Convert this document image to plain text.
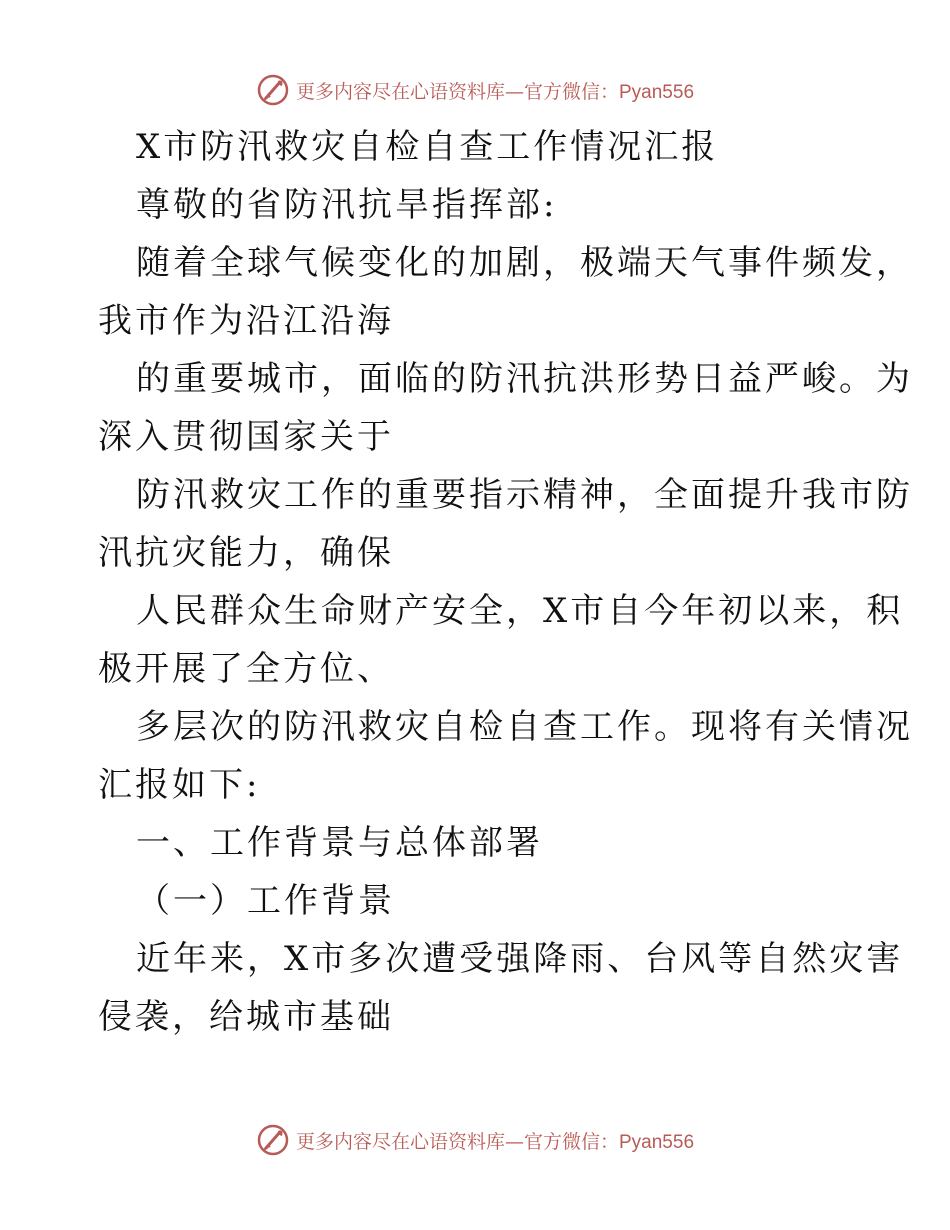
更多内容尽在心语资料库—官方微信：Pyan556
X市防汛救灾自检自查工作情况汇报
尊敬的省防汛抗旱指挥部:
随着全球气候变化的加剧，极端天气事件频发，
我市作为沿江沿海
的重要城市，面临的防汛抗洪形势日益严峻。为
深入贯彻国家关于
防汛救灾工作的重要指示精神，全面提升我市防
汛抗灾能力，确保
人民群众生命财产安全，X市自今年初以来，积
极开展了全方位、
多层次的防汛救灾自检自查工作。现将有关情况
汇报如下:
一、工作背景与总体部署
（一）工作背景
近年来，X市多次遭受强降雨、台风等自然灾害
侵袭，给城市基础
更多内容尽在心语资料库—官方微信：Pyan556
